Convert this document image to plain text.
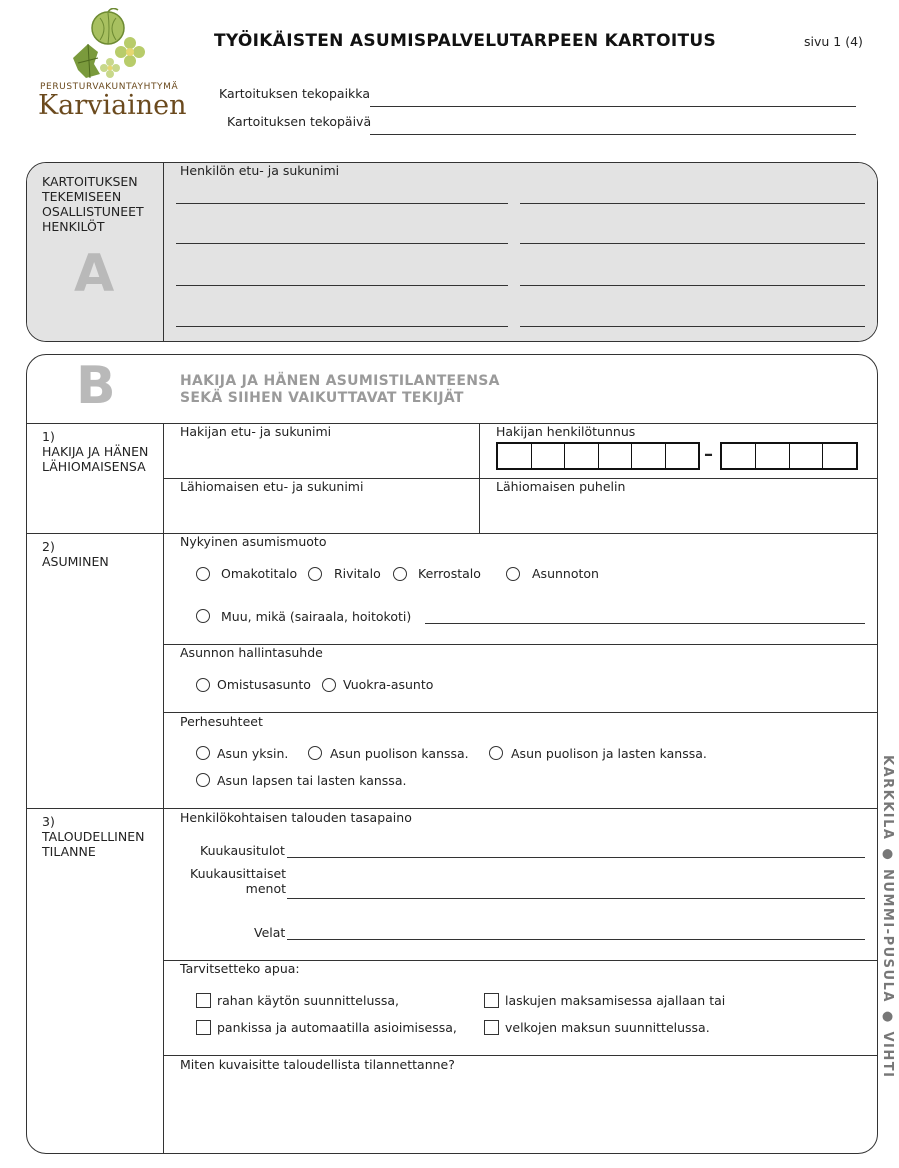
PERUSTURVAKUNTAYHTYMÄ
Karviainen
TYÖIKÄISTEN ASUMISPALVELUTARPEEN KARTOITUS	sivu 1 (4)
Kartoituksen tekopaikka
Kartoituksen tekopäivä
KARTOITUKSEN
TEKEMISEEN
OSALLISTUNEET
HENKILÖT
A
Henkilön etu- ja sukunimi
B	HAKIJA JA HÄNEN ASUMISTILANTEENSA
SEKÄ SIIHEN VAIKUTTAVAT TEKIJÄT
1)
HAKIJA JA HÄNEN
LÄHIOMAISENSA
Hakijan etu- ja sukunimi	Hakijan henkilötunnus
–
Lähiomaisen etu- ja sukunimi	Lähiomaisen puhelin
2)
ASUMINEN
Nykyinen asumismuoto
Omakotitalo	Rivitalo	Kerrostalo	Asunnoton
Muu, mikä (sairaala, hoitokoti)
Asunnon hallintasuhde
Omistusasunto	Vuokra-asunto
Perhesuhteet
Asun yksin.	Asun puolison kanssa.	Asun puolison ja lasten kanssa.
Asun lapsen tai lasten kanssa.
3)
TALOUDELLINEN
TILANNE
Henkilökohtaisen talouden tasapaino
Kuukausitulot
Kuukausittaiset
menot
Velat
Tarvitsetteko apua:
rahan käytön suunnittelussa,	laskujen maksamisessa ajallaan tai
pankissa ja automaatilla asioimisessa,	velkojen maksun suunnittelussa.
Miten kuvaisitte taloudellista tilannettanne?	KARKKILA ● NUMMI-PUSULA ● VIHTI
